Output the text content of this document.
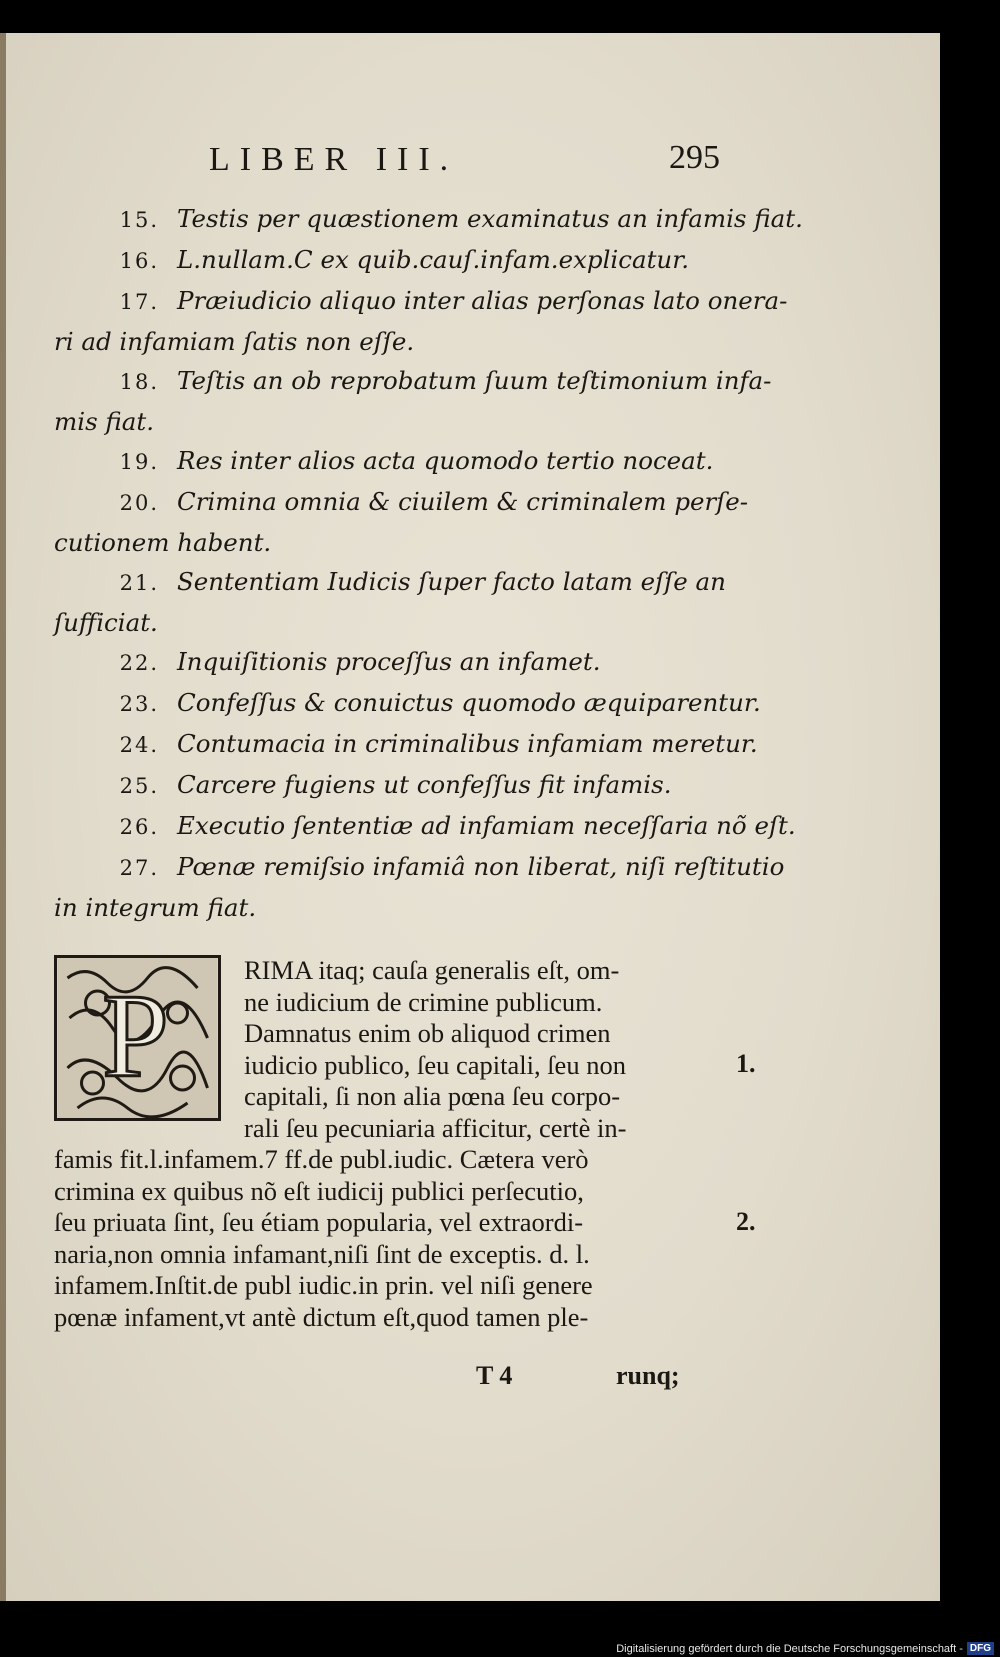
LIBER III.	295
15. Testis per quæstionem examinatus an infamis fiat.
16. L.nullam.C ex quib.cauſ.infam.explicatur.
17. Præiudicio aliquo inter alias perſonas lato onera-
ri ad infamiam ſatis non eſſe.
18. Teſtis an ob reprobatum ſuum teſtimonium infa-
mis fiat.
19. Res inter alios acta quomodo tertio noceat.
20. Crimina omnia & ciuilem & criminalem perſe-
cutionem habent.
21. Sententiam Iudicis ſuper facto latam eſſe an
ſufficiat.
22. Inquiſitionis proceſſus an infamet.
23. Confeſſus & conuictus quomodo æquiparentur.
24. Contumacia in criminalibus infamiam meretur.
25. Carcere fugiens ut confeſſus fit infamis.
26. Executio ſententiæ ad infamiam neceſſaria nõ eſt.
27. Pœnæ remiſsio infamiâ non liberat, niſi reſtitutio
in integrum fiat.
P	RIMA itaq; cauſa generalis eſt, om-
ne iudicium de crimine publicum.
Damnatus enim ob aliquod crimen
iudicio publico, ſeu capitali, ſeu non
capitali, ſi non alia pœna ſeu corpo-
rali ſeu pecuniaria afficitur, certè in-
famis fit.l.infamem.7 ff.de publ.iudic. Cætera verò
crimina ex quibus nõ eſt iudicij publici perſecutio,
ſeu priuata ſint, ſeu étiam popularia, vel extraordi-
naria,non omnia infamant,niſi ſint de exceptis. d. l.
infamem.Inſtit.de publ iudic.in prin. vel niſi genere
pœnæ infament,vt antè dictum eſt,quod tamen ple-
1.
2.
T 4	runq;
Digitalisierung gefördert durch die Deutsche Forschungsgemeinschaft - DFG
